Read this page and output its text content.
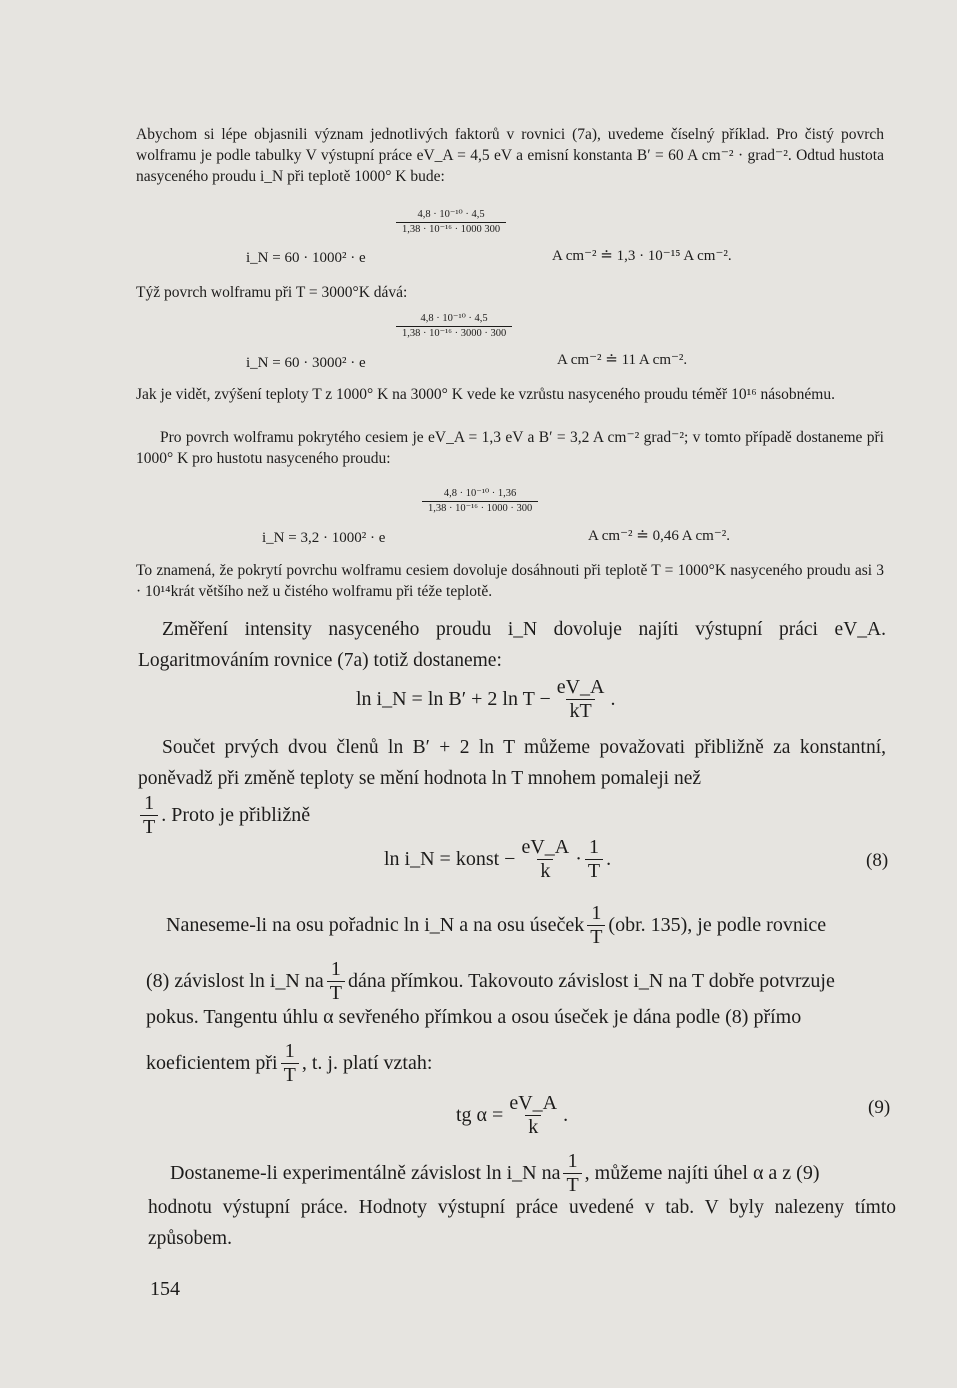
Abychom si lépe objasnili význam jednotlivých faktorů v rovnici (7a), uvedeme číselný příklad. Pro čistý povrch wolframu je podle tabulky V výstupní práce eV_A = 4,5 eV a emisní konstanta B′ = 60 A cm⁻² · grad⁻². Odtud hustota nasyceného proudu i_N při teplotě 1000° K bude:

$\frac{\text{4,8 · 10⁻¹⁰ · 4,5}}{\text{1,38 · 10⁻¹⁶ · 1000 300}}$
i_N = 60 · 1000² · e	A cm⁻² ≐ 1,3 · 10⁻¹⁵ A cm⁻².

Týž povrch wolframu při T = 3000°K dává:

$\frac{\text{4,8 · 10⁻¹⁰ · 4,5}}{\text{1,38 · 10⁻¹⁶ · 3000 · 300}}$
i_N = 60 · 3000² · e	A cm⁻² ≐ 11 A cm⁻².

Jak je vidět, zvýšení teploty T z 1000° K na 3000° K vede ke vzrůstu nasyceného proudu téměř 10¹⁶ násobnému.

Pro povrch wolframu pokrytého cesiem je eV_A = 1,3 eV a B′ = 3,2 A cm⁻² grad⁻²; v tomto případě dostaneme při 1000° K pro hustotu nasyceného proudu:

$\frac{\text{4,8 · 10⁻¹⁰ · 1,36}}{\text{1,38 · 10⁻¹⁶ · 1000 · 300}}$
i_N = 3,2 · 1000² · e	A cm⁻² ≐ 0,46 A cm⁻².

To znamená, že pokrytí povrchu wolframu cesiem dovoluje dosáhnouti při teplotě T = 1000°K nasyceného proudu asi 3 · 10¹⁴krát většího než u čistého wolframu při téže teplotě.

Změření intensity nasyceného proudu i_N dovoluje najíti výstupní práci eV_A. Logaritmováním rovnice (7a) totiž dostaneme:

ln i_N = ln B′ + 2 $\ln T - \frac{eV\_A}{kT}$ .

Součet prvých dvou členů ln B′ + 2 ln T můžeme považovati přibližně za konstantní, poněvadž při změně teploty se mění hodnota ln T mnohem pomaleji než

$\frac{1}{T}$ . Proto je přibližně
ln i_N = konst − $\frac{eV\_A}{k} \cdot \frac{1}{T}$ .	(8)
Naneseme-li na osu pořadnic ln i_N a na osu úseček $\frac{1}{T} (obr$. 135), je podle rovnice
(8) závislost ln i_N na $\frac{1}{T}$ dána přímkou. Takovouto závislost i_N na T dobře potvrzuje
pokus. Tangentu úhlu α sevřeného přímkou a osou úseček je dána podle (8) přímo
koeficientem při $\frac{1}{T}$ , t. j. platí vztah:
tg $\alpha = \frac{eV\_A}{k}$ .	(9)
Dostaneme-li experimentálně závislost ln i_N na $\frac{1}{T}$ , můžeme najíti úhel α a z (9)

hodnotu výstupní práce. Hodnoty výstupní práce uvedené v tab. V byly nalezeny tímto způsobem.

154
